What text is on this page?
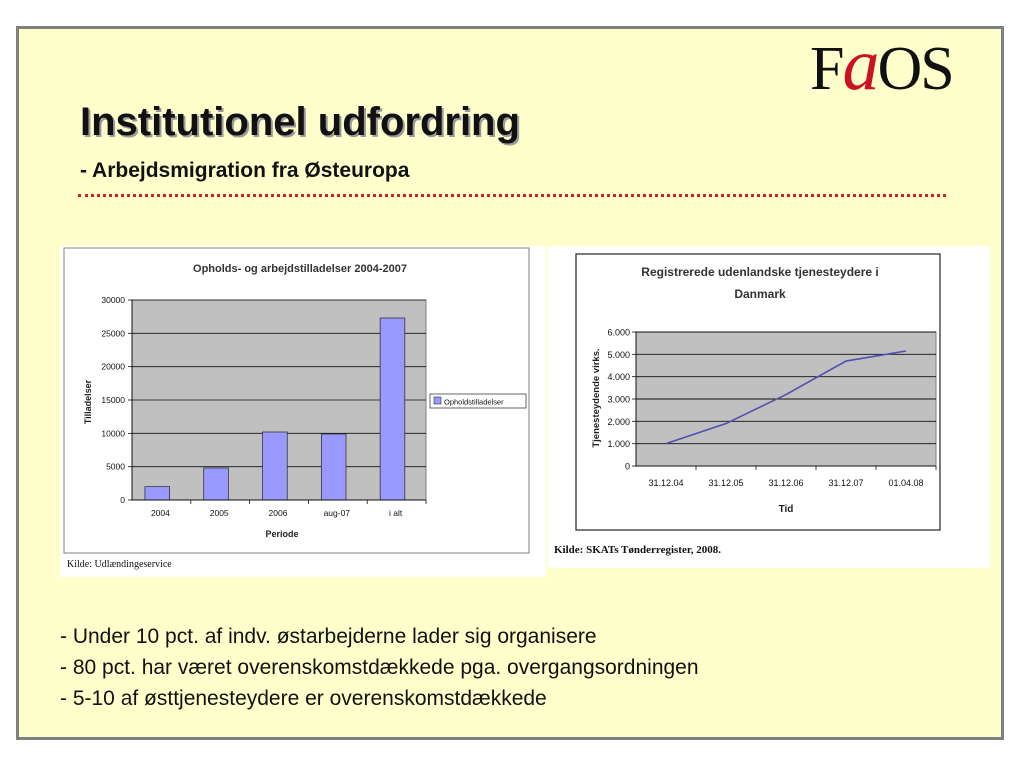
FaOS
Institutionel udfordring
- Arbejdsmigration fra Østeuropa
Opholds- og arbejdstilladelser 2004-2007
0
5000
10000
15000
20000
25000
30000
2004	2005	2006	aug-07	i alt
Periode
Tilladelser	Opholdstilladelser
Kilde: Udlændingeservice
Registrerede udenlandske tjenesteydere i
Danmark
0
1.000
2.000
3.000
4.000
5.000
6.000
31.12.04	31.12.05	31.12.06	31.12.07	01.04.08
Tid
Tjenesteydende virks.
Kilde: SKATs Tønderregister, 2008.
- Under 10 pct. af indv. østarbejderne lader sig organisere
- 80 pct. har været overenskomstdækkede pga. overgangsordningen
- 5-10 af østtjenesteydere er overenskomstdækkede
